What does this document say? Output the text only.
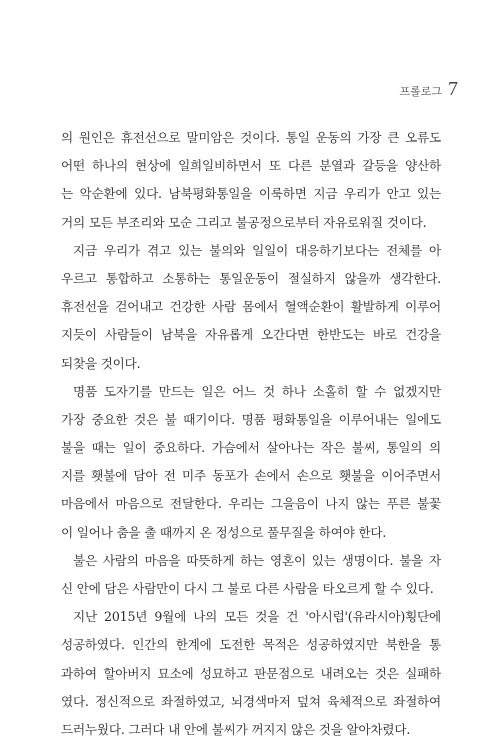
프롤로그 7
의 원인은 휴전선으로 말미암은 것이다. 통일 운동의 가장 큰 오류도
어떤 하나의 현상에 일희일비하면서 또 다른 분열과 갈등을 양산하
는 악순환에 있다. 남북평화통일을 이룩하면 지금 우리가 안고 있는
거의 모든 부조리와 모순 그리고 불공정으로부터 자유로워질 것이다.
지금 우리가 겪고 있는 불의와 일일이 대응하기보다는 전체를 아
우르고 통합하고 소통하는 통일운동이 절실하지 않을까 생각한다.
휴전선을 걷어내고 건강한 사람 몸에서 혈액순환이 활발하게 이루어
지듯이 사람들이 남북을 자유롭게 오간다면 한반도는 바로 건강을
되찾을 것이다.
명품 도자기를 만드는 일은 어느 것 하나 소홀히 할 수 없겠지만
가장 중요한 것은 불 때기이다. 명품 평화통일을 이루어내는 일에도
불을 때는 일이 중요하다. 가슴에서 살아나는 작은 불씨, 통일의 의
지를 횃불에 담아 전 미주 동포가 손에서 손으로 횃불을 이어주면서
마음에서 마음으로 전달한다. 우리는 그을음이 나지 않는 푸른 불꽃
이 일어나 춤을 출 때까지 온 정성으로 풀무질을 하여야 한다.
불은 사람의 마음을 따뜻하게 하는 영혼이 있는 생명이다. 불을 자
신 안에 담은 사람만이 다시 그 불로 다른 사람을 타오르게 할 수 있다.
지난 2015년 9월에 나의 모든 것을 건 '아시럽'(유라시아)횡단에
성공하였다. 인간의 한계에 도전한 목적은 성공하였지만 북한을 통
과하여 할아버지 묘소에 성묘하고 판문점으로 내려오는 것은 실패하
였다. 정신적으로 좌절하였고, 뇌경색마저 덮쳐 육체적으로 좌절하여
드러누웠다. 그러다 내 안에 불씨가 꺼지지 않은 것을 알아차렸다.
